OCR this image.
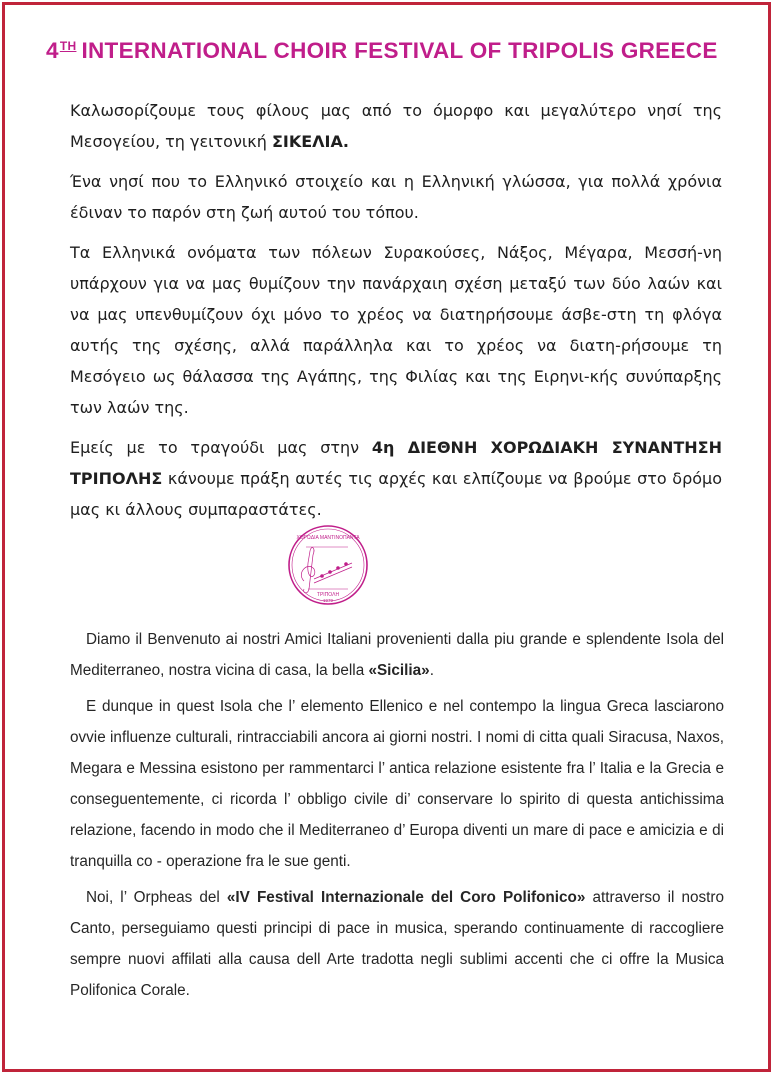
4TH INTERNATIONAL CHOIR FESTIVAL OF TRIPOLIS GREECE

Καλωσορίζουμε τους φίλους μας από το όμορφο και μεγαλύτερο νησί της Μεσογείου, τη γειτονική ΣΙΚΕΛΙΑ.

Ένα νησί που το Ελληνικό στοιχείο και η Ελληνική γλώσσα, για πολλά χρόνια έδιναν το παρόν στη ζωή αυτού του τόπου.

Τα Ελληνικά ονόματα των πόλεων Συρακούσες, Νάξος, Μέγαρα, Μεσσή-νη υπάρχουν για να μας θυμίζουν την πανάρχαιη σχέση μεταξύ των δύο λαών και να μας υπενθυμίζουν όχι μόνο το χρέος να διατηρήσουμε άσβε-στη τη φλόγα αυτής της σχέσης, αλλά παράλληλα και το χρέος να διατη-ρήσουμε τη Μεσόγειο ως θάλασσα της Αγάπης, της Φιλίας και της Ειρηνι-κής συνύπαρξης των λαών της.

Εμείς με το τραγούδι μας στην 4η ΔΙΕΘΝΗ ΧΟΡΩΔΙΑΚΗ ΣΥΝΑΝΤΗΣΗ ΤΡΙΠΟΛΗΣ κάνουμε πράξη αυτές τις αρχές και ελπίζουμε να βρούμε στο δρόμο μας κι άλλους συμπαραστάτες.

ΧΟΡΩΔΙΑ ΜΑΝΤΙΝΟΠΑΝΤΑ
ΤΡΙΠΟΛΗ
1979

Diamo il Benvenuto ai nostri Amici Italiani provenienti dalla piu grande e splendente Isola del Mediterraneo, nostra vicina di casa, la bella «Sicilia».

E dunque in quest Isola che l’ elemento Ellenico e nel contempo la lingua Greca lasciarono ovvie influenze culturali, rintracciabili ancora ai giorni nostri. I nomi di citta quali Siracusa, Naxos, Megara e Messina esistono per rammentarci l’ antica relazione esistente fra l’ Italia e la Grecia e conseguentemente, ci ricorda l’ obbligo civile di’ conservare lo spirito di questa antichissima relazione, facendo in modo che il Mediterraneo d’ Europa diventi un mare di pace e amicizia e di tranquilla co - operazione fra le sue genti.

Noi, l’ Orpheas del «IV Festival Internazionale del Coro Polifonico» attraverso il nostro Canto, perseguiamo questi principi di pace in musica, sperando continuamente di raccogliere sempre nuovi affilati alla causa dell Arte tradotta negli sublimi accenti che ci offre la Musica Polifonica Corale.
